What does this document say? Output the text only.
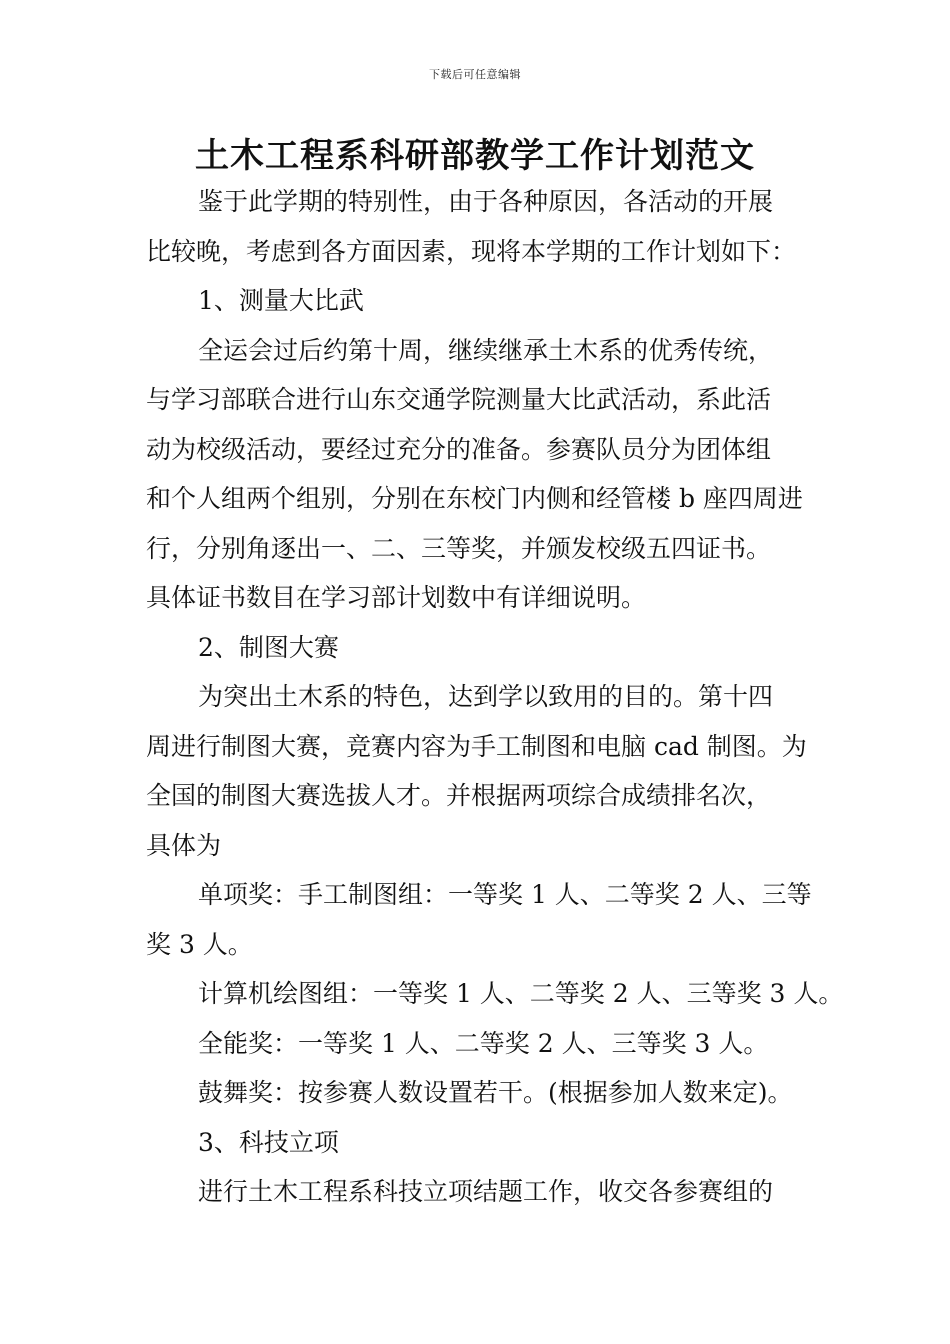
下载后可任意编辑
土木工程系科研部教学工作计划范文
鉴于此学期的特别性，由于各种原因，各活动的开展
比较晚，考虑到各方面因素，现将本学期的工作计划如下：
1、测量大比武
全运会过后约第十周，继续继承土木系的优秀传统，
与学习部联合进行山东交通学院测量大比武活动，系此活
动为校级活动，要经过充分的准备。参赛队员分为团体组
和个人组两个组别，分别在东校门内侧和经管楼 b 座四周进
行，分别角逐出一、二、三等奖，并颁发校级五四证书。
具体证书数目在学习部计划数中有详细说明。
2、制图大赛
为突出土木系的特色，达到学以致用的目的。第十四
周进行制图大赛，竞赛内容为手工制图和电脑 cad 制图。为
全国的制图大赛选拔人才。并根据两项综合成绩排名次，
具体为
单项奖：手工制图组：一等奖 1 人、二等奖 2 人、三等
奖 3 人。
计算机绘图组：一等奖 1 人、二等奖 2 人、三等奖 3 人。
全能奖：一等奖 1 人、二等奖 2 人、三等奖 3 人。
鼓舞奖：按参赛人数设置若干。(根据参加人数来定)。
3、科技立项
进行土木工程系科技立项结题工作，收交各参赛组的
